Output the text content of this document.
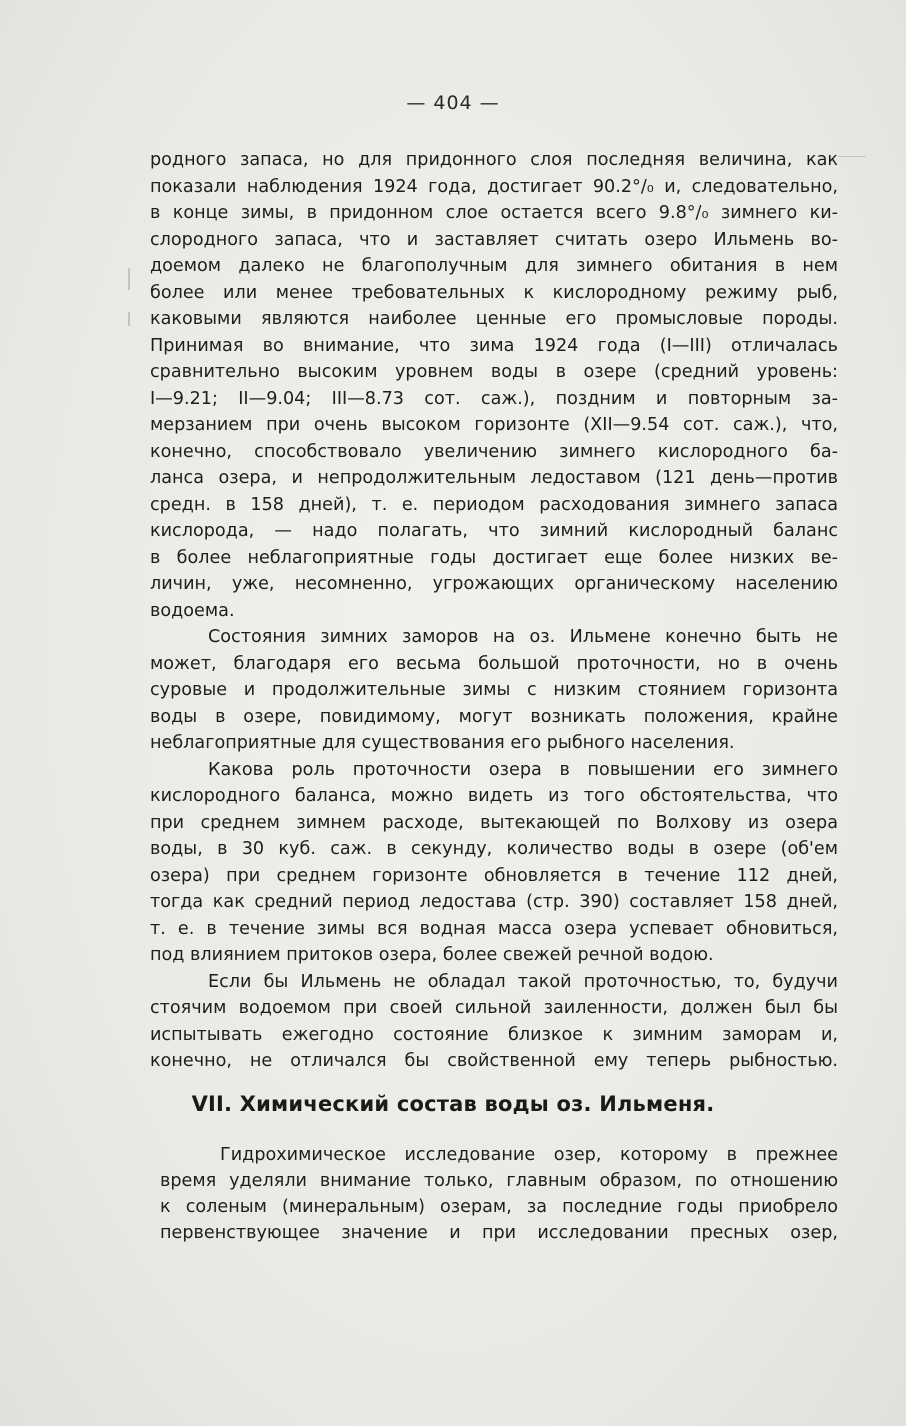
— 404 —
родного запаса, но для придонного слоя последняя величина, как
показали наблюдения 1924 года, достигает 90.2°/₀ и, следовательно,
в конце зимы, в придонном слое остается всего 9.8°/₀ зимнего ки-
слородного запаса, что и заставляет считать озеро Ильмень во-
доемом далеко не благополучным для зимнего обитания в нем
более или менее требовательных к кислородному режиму рыб,
каковыми являются наиболее ценные его промысловые породы.
Принимая во внимание, что зима 1924 года (I—III) отличалась
сравнительно высоким уровнем воды в озере (средний уровень:
I—9.21; II—9.04; III—8.73 сот. саж.), поздним и повторным за-
мерзанием при очень высоком горизонте (XII—9.54 сот. саж.), что,
конечно, способствовало увеличению зимнего кислородного ба-
ланса озера, и непродолжительным ледоставом (121 день—против
средн. в 158 дней), т. е. периодом расходования зимнего запаса
кислорода, — надо полагать, что зимний кислородный баланс
в более неблагоприятные годы достигает еще более низких ве-
личин, уже, несомненно, угрожающих органическому населению
водоема.
Состояния зимних заморов на оз. Ильмене конечно быть не
может, благодаря его весьма большой проточности, но в очень
суровые и продолжительные зимы с низким стоянием горизонта
воды в озере, повидимому, могут возникать положения, крайне
неблагоприятные для существования его рыбного населения.
Какова роль проточности озера в повышении его зимнего
кислородного баланса, можно видеть из того обстоятельства, что
при среднем зимнем расходе, вытекающей по Волхову из озера
воды, в 30 куб. саж. в секунду, количество воды в озере (об'ем
озера) при среднем горизонте обновляется в течение 112 дней,
тогда как средний период ледостава (стр. 390) составляет 158 дней,
т. е. в течение зимы вся водная масса озера успевает обновиться,
под влиянием притоков озера, более свежей речной водою.
Если бы Ильмень не обладал такой проточностью, то, будучи
стоячим водоемом при своей сильной заиленности, должен был бы
испытывать ежегодно состояние близкое к зимним заморам и,
конечно, не отличался бы свойственной ему теперь рыбностью.
VII. Химический состав воды оз. Ильменя.
Гидрохимическое исследование озер, которому в прежнее
время уделяли внимание только, главным образом, по отношению
к соленым (минеральным) озерам, за последние годы приобрело
первенствующее значение и при исследовании пресных озер,
